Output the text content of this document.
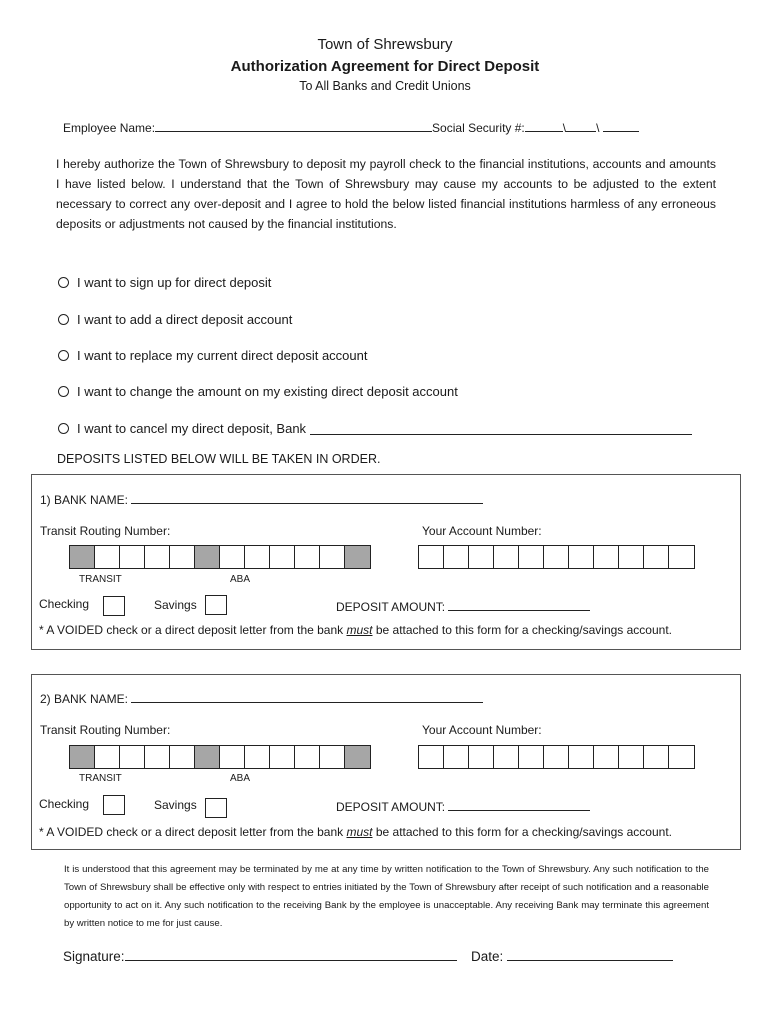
Town of Shrewsbury
Authorization Agreement for Direct Deposit
To All Banks and Credit Unions
Employee Name:	Social Security #:	\	\
I hereby authorize the Town of Shrewsbury to deposit my payroll check to the financial institutions, accounts and amounts I have listed below. I understand that the Town of Shrewsbury may cause my accounts to be adjusted to the extent necessary to correct any over-deposit and I agree to hold the below listed financial institutions harmless of any erroneous deposits or adjustments not caused by the financial institutions.
I want to sign up for direct deposit
I want to add a direct deposit account
I want to replace my current direct deposit account
I want to change the amount on my existing direct deposit account
I want to cancel my direct deposit, Bank

DEPOSITS LISTED BELOW WILL BE TAKEN IN ORDER.
1) BANK NAME:
Transit Routing Number:	Your Account Number:
TRANSIT	ABA
Checking	Savings	DEPOSIT AMOUNT:
* A VOIDED check or a direct deposit letter from the bank must be attached to this form for a checking/savings account.
2) BANK NAME:
Transit Routing Number:	Your Account Number:
TRANSIT	ABA
Checking	Savings	DEPOSIT AMOUNT:
* A VOIDED check or a direct deposit letter from the bank must be attached to this form for a checking/savings account.
It is understood that this agreement may be terminated by me at any time by written notification to the Town of Shrewsbury. Any such notification to the Town of Shrewsbury shall be effective only with respect to entries initiated by the Town of Shrewsbury after receipt of such notification and a reasonable opportunity to act on it. Any such notification to the receiving Bank by the employee is unacceptable. Any receiving Bank may terminate this agreement by written notice to me for just cause.
Signature:	Date:
